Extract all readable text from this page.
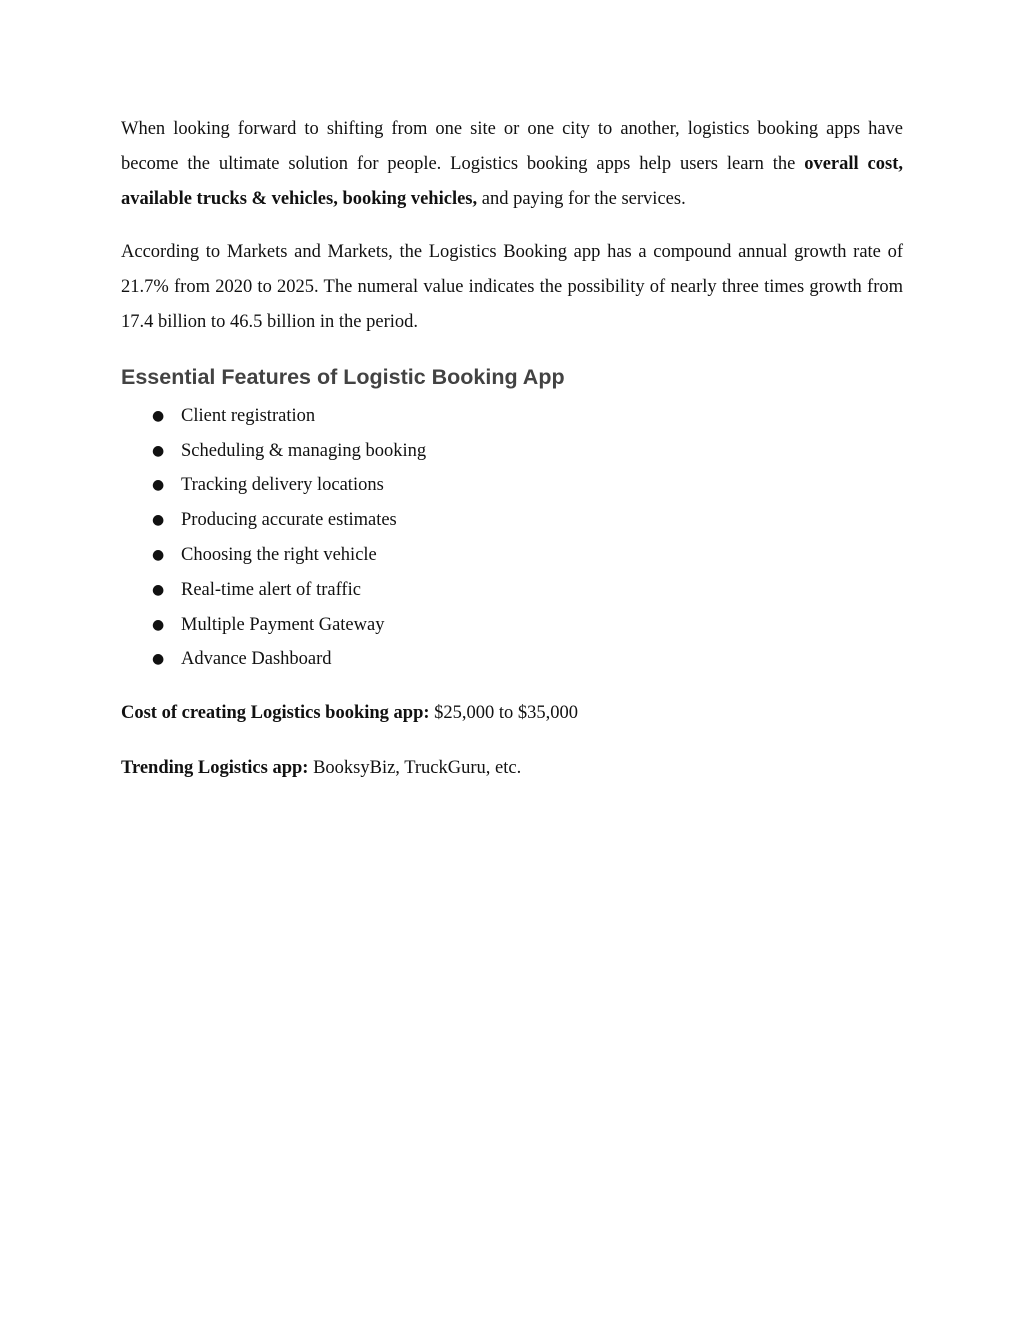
When looking forward to shifting from one site or one city to another, logistics booking apps have become the ultimate solution for people. Logistics booking apps help users learn the overall cost, available trucks & vehicles, booking vehicles, and paying for the services.

According to Markets and Markets, the Logistics Booking app has a compound annual growth rate of 21.7% from 2020 to 2025. The numeral value indicates the possibility of nearly three times growth from 17.4 billion to 46.5 billion in the period.

Essential Features of Logistic Booking App
● Client registration
● Scheduling & managing booking
● Tracking delivery locations
● Producing accurate estimates
● Choosing the right vehicle
● Real-time alert of traffic
● Multiple Payment Gateway
● Advance Dashboard

Cost of creating Logistics booking app: $25,000 to $35,000

Trending Logistics app: BooksyBiz, TruckGuru, etc.
